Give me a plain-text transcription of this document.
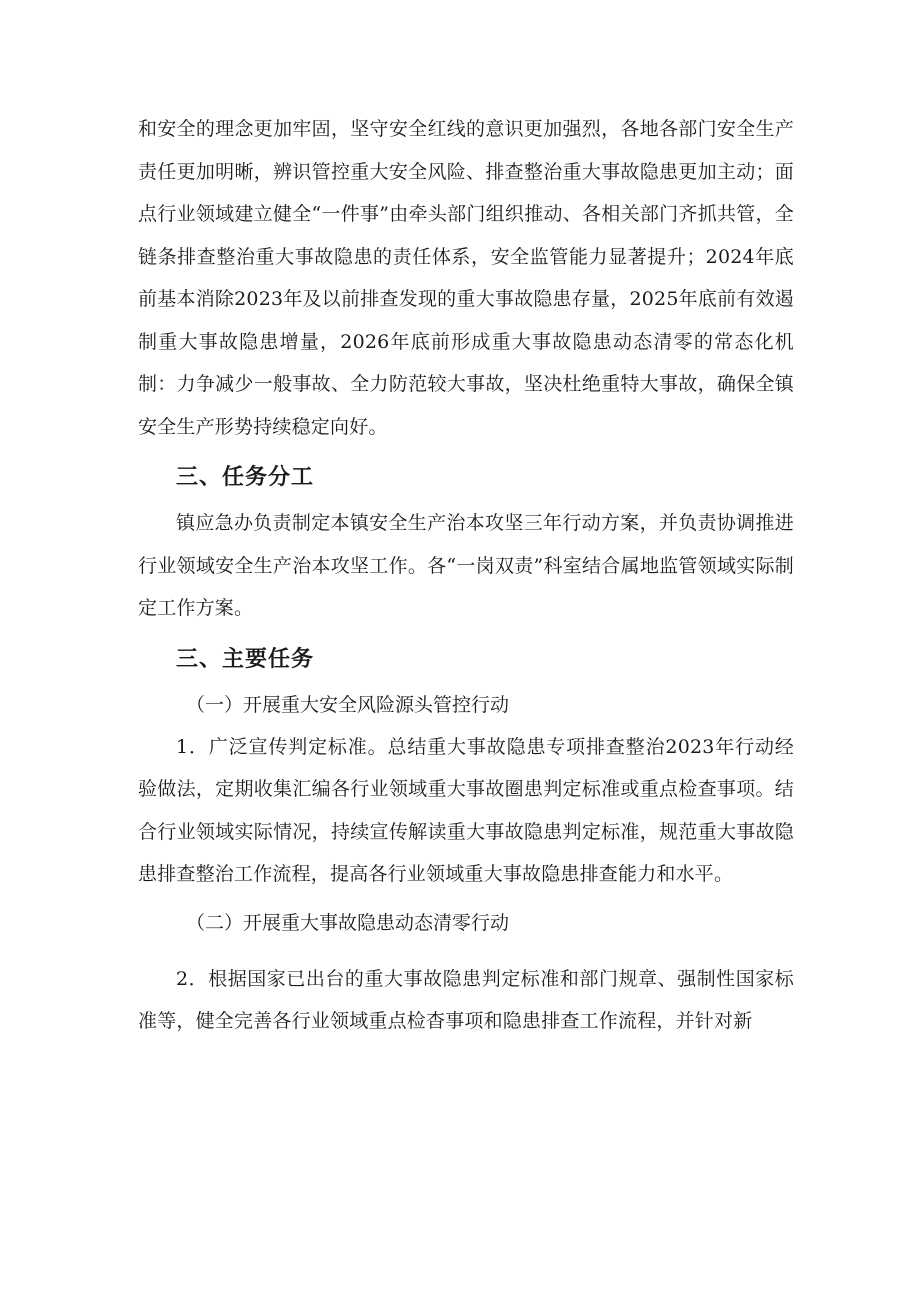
和安全的理念更加牢固，坚守安全红线的意识更加强烈，各地各部门安全生产责任更加明晰，辨识管控重大安全风险、排查整治重大事故隐患更加主动；面点行业领域建立健全“一件事”由牵头部门组织推动、各相关部门齐抓共管，全链条排查整治重大事故隐患的责任体系，安全监管能力显著提升；2024年底前基本消除2023年及以前排查发现的重大事故隐患存量，2025年底前有效遏制重大事故隐患增量，2026年底前形成重大事故隐患动态清零的常态化机制：力争减少一般事故、全力防范较大事故，坚决杜绝重特大事故，确保全镇安全生产形势持续稳定向好。

三、任务分工

镇应急办负责制定本镇安全生产治本攻坚三年行动方案，并负责协调推进行业领域安全生产治本攻坚工作。各“一岗双责”科室结合属地监管领域实际制定工作方案。

三、主要任务

（一）开展重大安全风险源头管控行动

1．广泛宣传判定标准。总结重大事故隐患专项排查整治2023年行动经验做法，定期收集汇编各行业领域重大事故圈患判定标准或重点检查事项。结合行业领域实际情况，持续宣传解读重大事故隐患判定标准，规范重大事故隐患排查整治工作流程，提高各行业领域重大事故隐患排查能力和水平。

（二）开展重大事故隐患动态清零行动

2．根据国家已出台的重大事故隐患判定标准和部门规章、强制性国家标准等，健全完善各行业领域重点检杳事项和隐患排查工作流程，并针对新
